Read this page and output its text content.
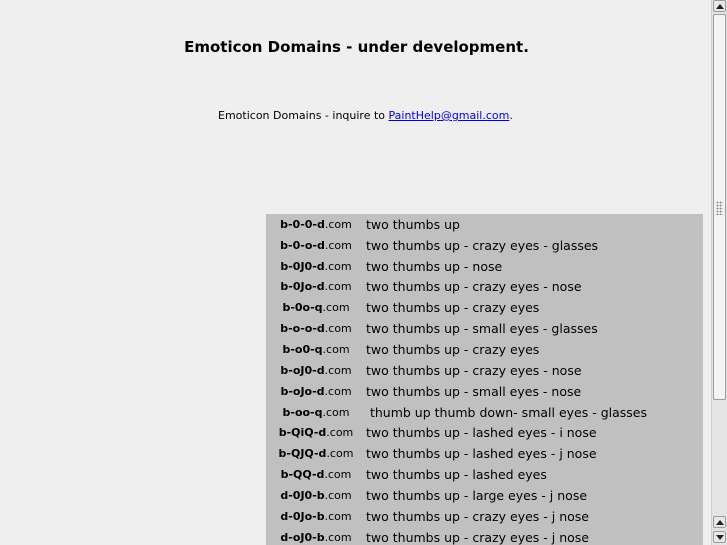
Emoticon Domains - under development.
Emoticon Domains - inquire to PaintHelp@gmail.com.
b-0-0-d.com	two thumbs up
b-0-o-d.com	two thumbs up - crazy eyes - glasses
b-0J0-d.com	two thumbs up - nose
b-0Jo-d.com	two thumbs up - crazy eyes - nose
b-0o-q.com	two thumbs up - crazy eyes
b-o-o-d.com	two thumbs up - small eyes - glasses
b-o0-q.com	two thumbs up - crazy eyes
b-oJ0-d.com	two thumbs up - crazy eyes - nose
b-oJo-d.com	two thumbs up - small eyes - nose
b-oo-q.com	thumb up thumb down- small eyes - glasses
b-QiQ-d.com	two thumbs up - lashed eyes - i nose
b-QJQ-d.com	two thumbs up - lashed eyes - j nose
b-QQ-d.com	two thumbs up - lashed eyes
d-0J0-b.com	two thumbs up - large eyes - j nose
d-0Jo-b.com	two thumbs up - crazy eyes - j nose
d-oJ0-b.com	two thumbs up - crazy eyes - j nose
